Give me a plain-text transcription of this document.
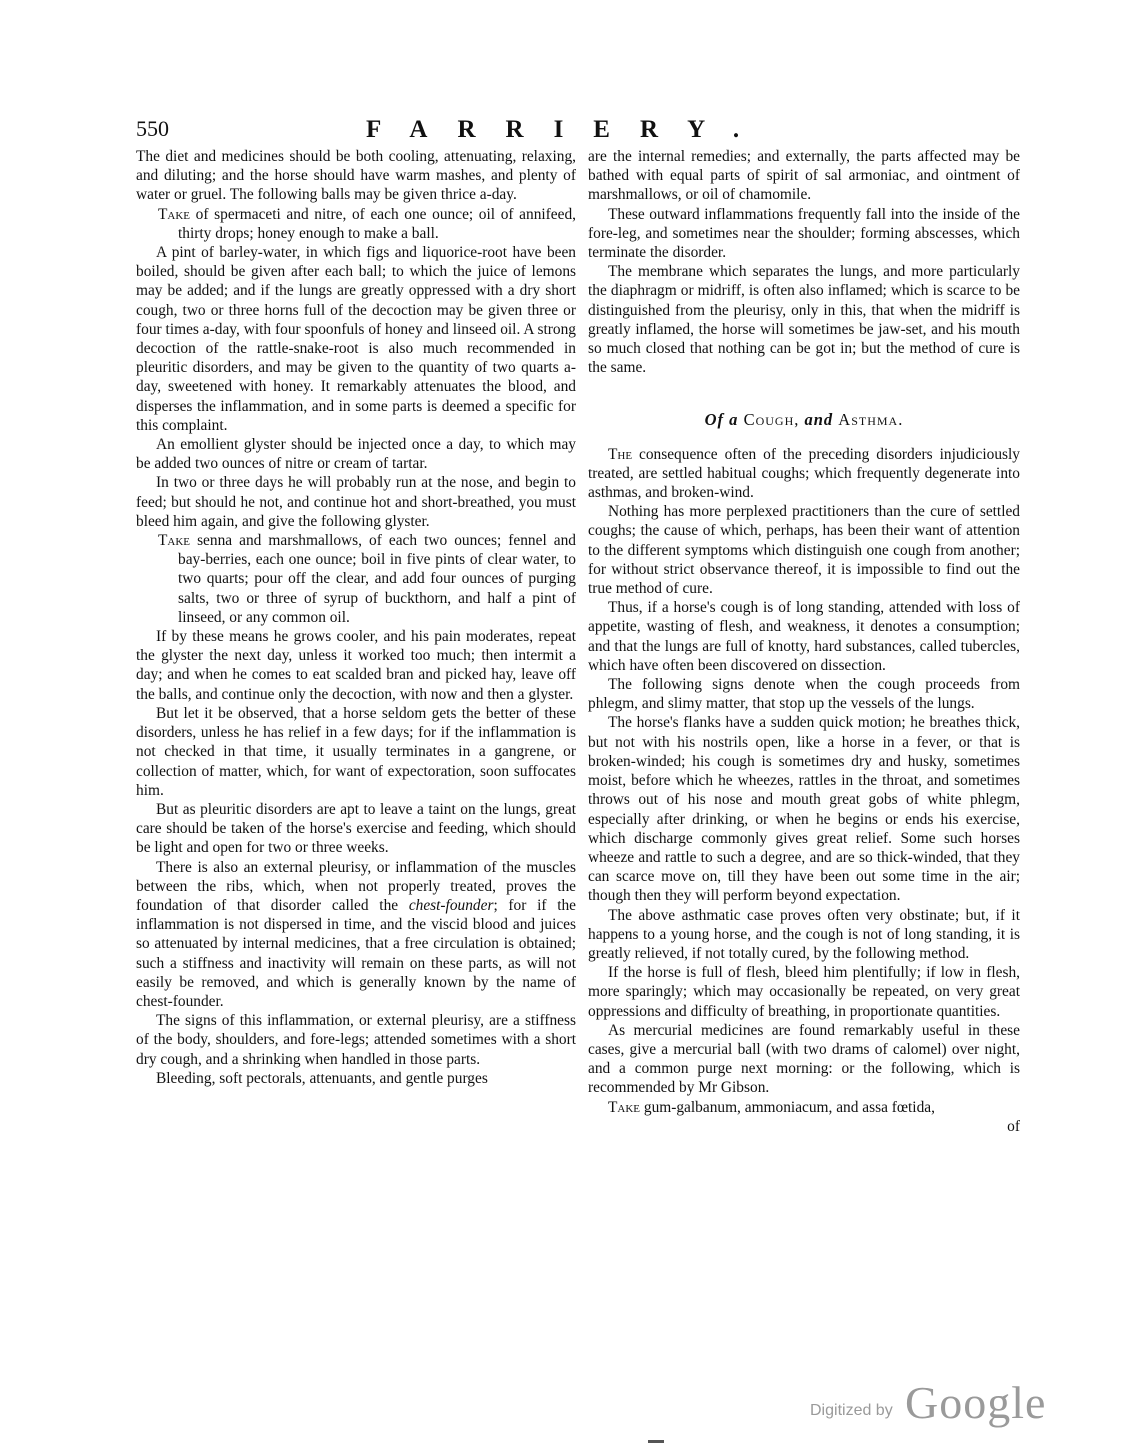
550	FARRIERY.

The diet and medicines should be both cooling, attenuating, relaxing, and diluting; and the horse should have warm mashes, and plenty of water or gruel. The following balls may be given thrice a-day.

Take of spermaceti and nitre, of each one ounce; oil of annifeed, thirty drops; honey enough to make a ball.

A pint of barley-water, in which figs and liquorice-root have been boiled, should be given after each ball; to which the juice of lemons may be added; and if the lungs are greatly oppressed with a dry short cough, two or three horns full of the decoction may be given three or four times a-day, with four spoonfuls of honey and linseed oil. A strong decoction of the rattle-snake-root is also much recommended in pleuritic disorders, and may be given to the quantity of two quarts a-day, sweetened with honey. It remarkably attenuates the blood, and disperses the inflammation, and in some parts is deemed a specific for this complaint.

An emollient glyster should be injected once a day, to which may be added two ounces of nitre or cream of tartar.

In two or three days he will probably run at the nose, and begin to feed; but should he not, and continue hot and short-breathed, you must bleed him again, and give the following glyster.

Take senna and marshmallows, of each two ounces; fennel and bay-berries, each one ounce; boil in five pints of clear water, to two quarts; pour off the clear, and add four ounces of purging salts, two or three of syrup of buckthorn, and half a pint of linseed, or any common oil.

If by these means he grows cooler, and his pain moderates, repeat the glyster the next day, unless it worked too much; then intermit a day; and when he comes to eat scalded bran and picked hay, leave off the balls, and continue only the decoction, with now and then a glyster.

But let it be observed, that a horse seldom gets the better of these disorders, unless he has relief in a few days; for if the inflammation is not checked in that time, it usually terminates in a gangrene, or collection of matter, which, for want of expectoration, soon suffocates him.

But as pleuritic disorders are apt to leave a taint on the lungs, great care should be taken of the horse's exercise and feeding, which should be light and open for two or three weeks.

There is also an external pleurisy, or inflammation of the muscles between the ribs, which, when not properly treated, proves the foundation of that disorder called the chest-founder; for if the inflammation is not dispersed in time, and the viscid blood and juices so attenuated by internal medicines, that a free circulation is obtained; such a stiffness and inactivity will remain on these parts, as will not easily be removed, and which is generally known by the name of chest-founder.

The signs of this inflammation, or external pleurisy, are a stiffness of the body, shoulders, and fore-legs; attended sometimes with a short dry cough, and a shrinking when handled in those parts.

Bleeding, soft pectorals, attenuants, and gentle purges

are the internal remedies; and externally, the parts affected may be bathed with equal parts of spirit of sal armoniac, and ointment of marshmallows, or oil of chamomile.

These outward inflammations frequently fall into the inside of the fore-leg, and sometimes near the shoulder; forming abscesses, which terminate the disorder.

The membrane which separates the lungs, and more particularly the diaphragm or midriff, is often also inflamed; which is scarce to be distinguished from the pleurisy, only in this, that when the midriff is greatly inflamed, the horse will sometimes be jaw-set, and his mouth so much closed that nothing can be got in; but the method of cure is the same.

Of a Cough, and Asthma.

The consequence often of the preceding disorders injudiciously treated, are settled habitual coughs; which frequently degenerate into asthmas, and broken-wind.

Nothing has more perplexed practitioners than the cure of settled coughs; the cause of which, perhaps, has been their want of attention to the different symptoms which distinguish one cough from another; for without strict observance thereof, it is impossible to find out the true method of cure.

Thus, if a horse's cough is of long standing, attended with loss of appetite, wasting of flesh, and weakness, it denotes a consumption; and that the lungs are full of knotty, hard substances, called tubercles, which have often been discovered on dissection.

The following signs denote when the cough proceeds from phlegm, and slimy matter, that stop up the vessels of the lungs.

The horse's flanks have a sudden quick motion; he breathes thick, but not with his nostrils open, like a horse in a fever, or that is broken-winded; his cough is sometimes dry and husky, sometimes moist, before which he wheezes, rattles in the throat, and sometimes throws out of his nose and mouth great gobs of white phlegm, especially after drinking, or when he begins or ends his exercise, which discharge commonly gives great relief. Some such horses wheeze and rattle to such a degree, and are so thick-winded, that they can scarce move on, till they have been out some time in the air; though then they will perform beyond expectation.

The above asthmatic case proves often very obstinate; but, if it happens to a young horse, and the cough is not of long standing, it is greatly relieved, if not totally cured, by the following method.

If the horse is full of flesh, bleed him plentifully; if low in flesh, more sparingly; which may occasionally be repeated, on very great oppressions and difficulty of breathing, in proportionate quantities.

As mercurial medicines are found remarkably useful in these cases, give a mercurial ball (with two drams of calomel) over night, and a common purge next morning: or the following, which is recommended by Mr Gibson.

Take gum-galbanum, ammoniacum, and assa fœtida,

of

Digitized by Google
